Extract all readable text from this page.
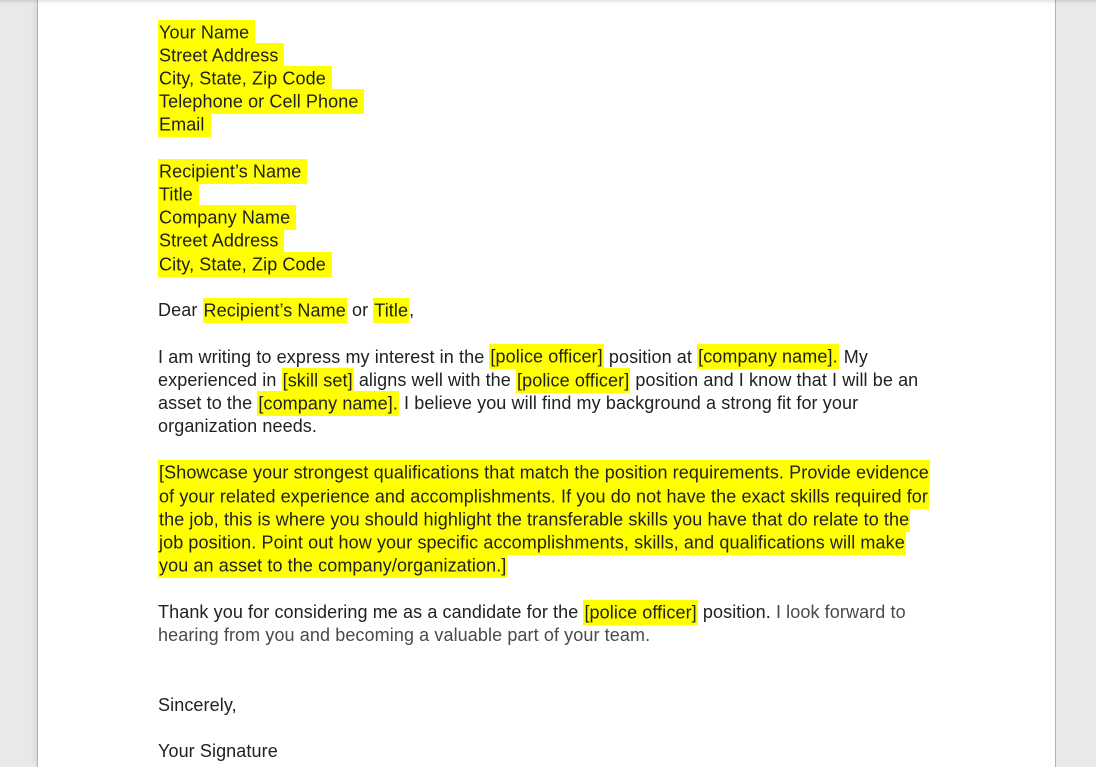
Your Name

Street Address

City, State, Zip Code

Telephone or Cell Phone

Email

Recipient’s Name

Title

Company Name

Street Address

City, State, Zip Code

Dear Recipient’s Name or Title,

I am writing to express my interest in the [police officer] position at [company name]. My experienced in [skill set] aligns well with the [police officer] position and I know that I will be an asset to the [company name]. I believe you will find my background a strong fit for your organization needs.

[Showcase your strongest qualifications that match the position requirements. Provide evidence of your related experience and accomplishments. If you do not have the exact skills required for the job, this is where you should highlight the transferable skills you have that do relate to the job position. Point out how your specific accomplishments, skills, and qualifications will make you an asset to the company/organization.]

Thank you for considering me as a candidate for the [police officer] position. I look forward to hearing from you and becoming a valuable part of your team.

Sincerely,

Your Signature
